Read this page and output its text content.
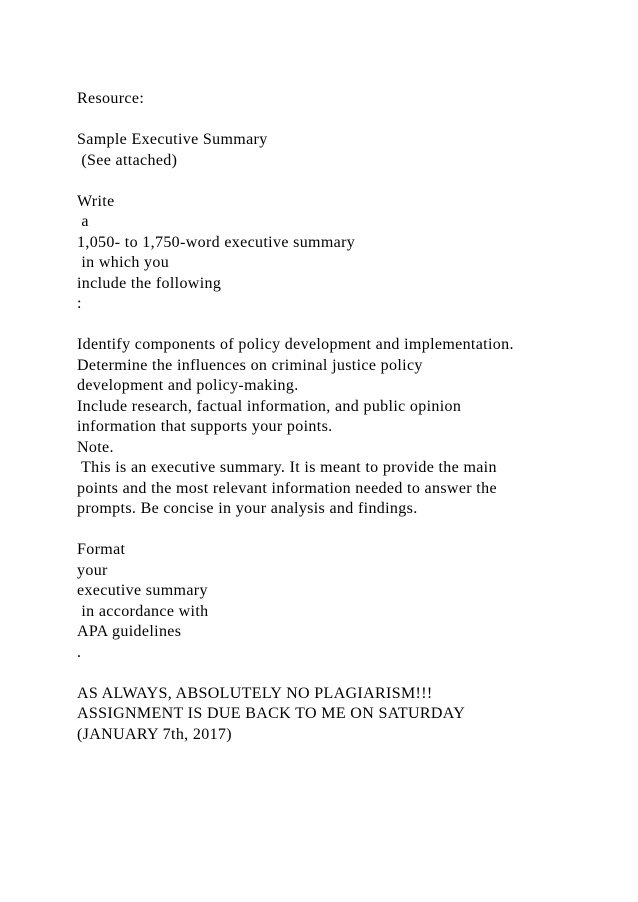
Resource:
Sample Executive Summary
(See attached)
Write
a
1,050- to 1,750-word executive summary
in which you
include the following
:
Identify components of policy development and implementation.
Determine the influences on criminal justice policy
development and policy-making.
Include research, factual information, and public opinion
information that supports your points.
Note.
This is an executive summary. It is meant to provide the main
points and the most relevant information needed to answer the
prompts. Be concise in your analysis and findings.
Format
your
executive summary
in accordance with
APA guidelines
.
AS ALWAYS, ABSOLUTELY NO PLAGIARISM!!!
ASSIGNMENT IS DUE BACK TO ME ON SATURDAY
(JANUARY 7th, 2017)
